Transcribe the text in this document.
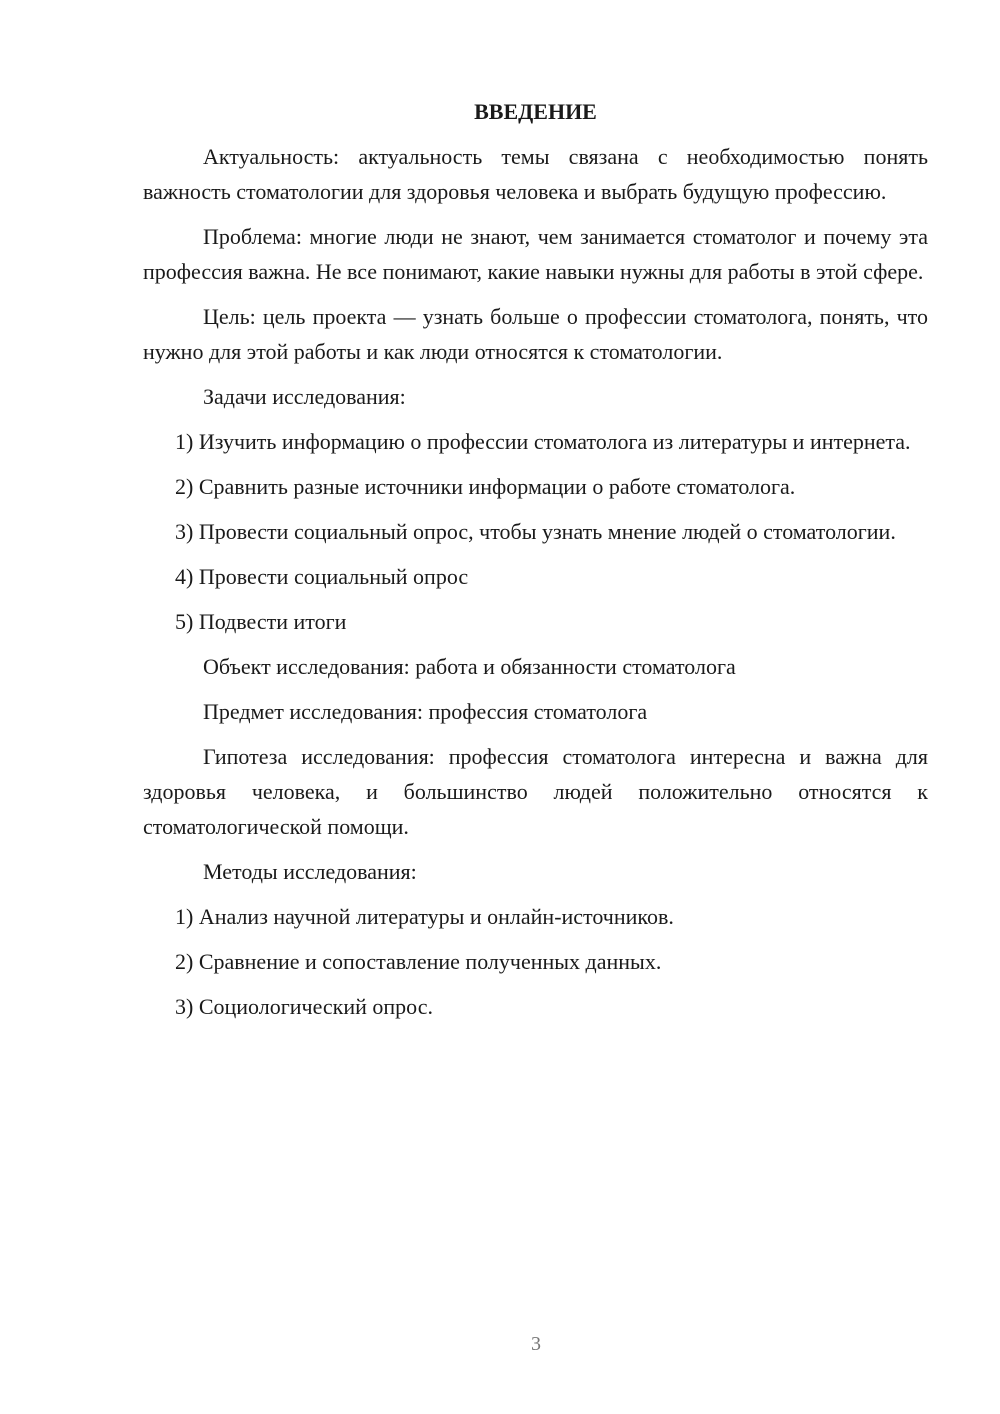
ВВЕДЕНИЕ

Актуальность: актуальность темы связана с необходимостью понять важность стоматологии для здоровья человека и выбрать будущую профессию.

Проблема: многие люди не знают, чем занимается стоматолог и почему эта профессия важна. Не все понимают, какие навыки нужны для работы в этой сфере.

Цель: цель проекта — узнать больше о профессии стоматолога, понять, что нужно для этой работы и как люди относятся к стоматологии.

Задачи исследования:

1) Изучить информацию о профессии стоматолога из литературы и интернета.

2) Сравнить разные источники информации о работе стоматолога.

3) Провести социальный опрос, чтобы узнать мнение людей о стоматологии.

4) Провести социальный опрос

5) Подвести итоги

Объект исследования: работа и обязанности стоматолога

Предмет исследования: профессия стоматолога

Гипотеза исследования: профессия стоматолога интересна и важна для здоровья человека, и большинство людей положительно относятся к стоматологической помощи.

Методы исследования:

1) Анализ научной литературы и онлайн-источников.

2) Сравнение и сопоставление полученных данных.

3) Социологический опрос.

3
